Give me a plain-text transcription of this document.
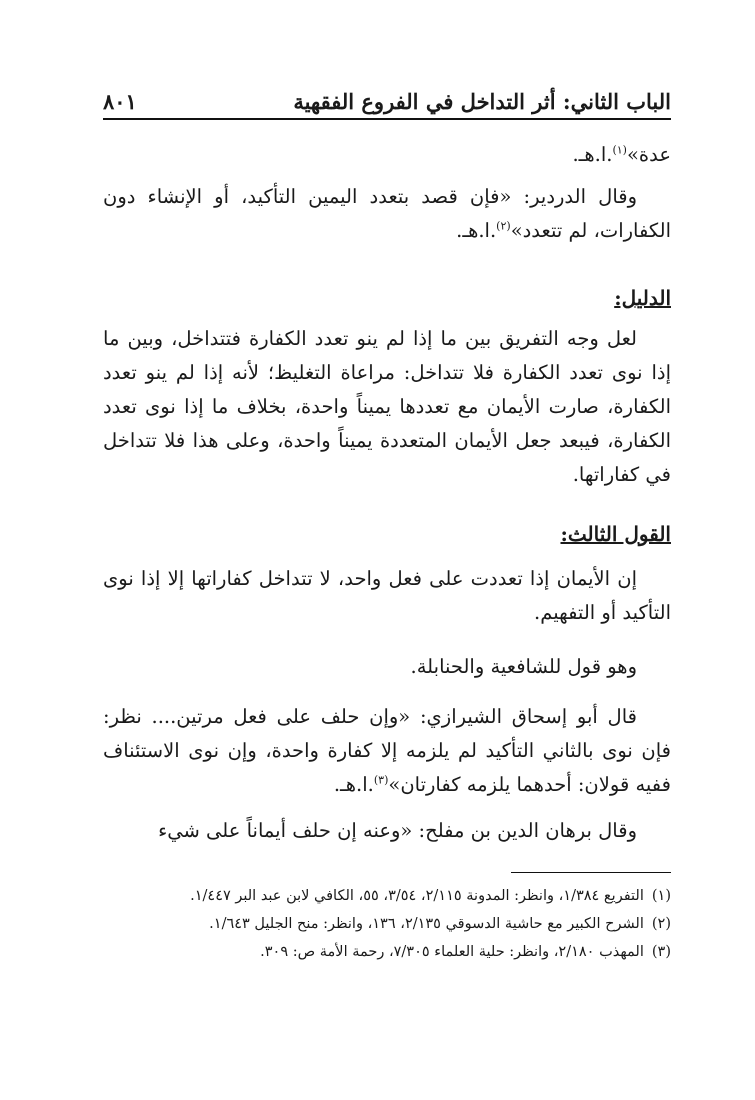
الباب الثاني: أثر التداخل في الفروع الفقهية
٨٠١

عدة»$^{(١)}$.ا.هـ.

وقال الدردير: «فإن قصد بتعدد اليمين التأكيد، أو الإنشاء دون الكفارات، لم تتعدد»$^{(٢)}$.ا.هـ.

الدليل:

لعل وجه التفريق بين ما إذا لم ينو تعدد الكفارة فتتداخل، وبين ما إذا نوى تعدد الكفارة فلا تتداخل: مراعاة التغليظ؛ لأنه إذا لم ينو تعدد الكفارة، صارت الأيمان مع تعددها يميناً واحدة، بخلاف ما إذا نوى تعدد الكفارة، فيبعد جعل الأيمان المتعددة يميناً واحدة، وعلى هذا فلا تتداخل في كفاراتها.

القول الثالث:

إن الأيمان إذا تعددت على فعل واحد، لا تتداخل كفاراتها إلا إذا نوى التأكيد أو التفهيم.

وهو قول للشافعية والحنابلة.

قال أبو إسحاق الشيرازي: «وإن حلف على فعل مرتين.... نظر: فإن نوى بالثاني التأكيد لم يلزمه إلا كفارة واحدة، وإن نوى الاستئناف ففيه قولان: أحدهما يلزمه كفارتان»$^{(٣)}$.ا.هـ.

وقال برهان الدين بن مفلح: «وعنه إن حلف أيماناً على شيء

(١)
التفريع ١/٣٨٤، وانظر: المدونة ٢/١١٥، ٣/٥٤، ٥٥، الكافي لابن عبد البر ١/٤٤٧.

(٢)
الشرح الكبير مع حاشية الدسوقي ٢/١٣٥، ١٣٦، وانظر: منح الجليل ١/٦٤٣.

(٣)
المهذب ٢/١٨٠، وانظر: حلية العلماء ٧/٣٠٥، رحمة الأمة ص: ٣٠٩.
